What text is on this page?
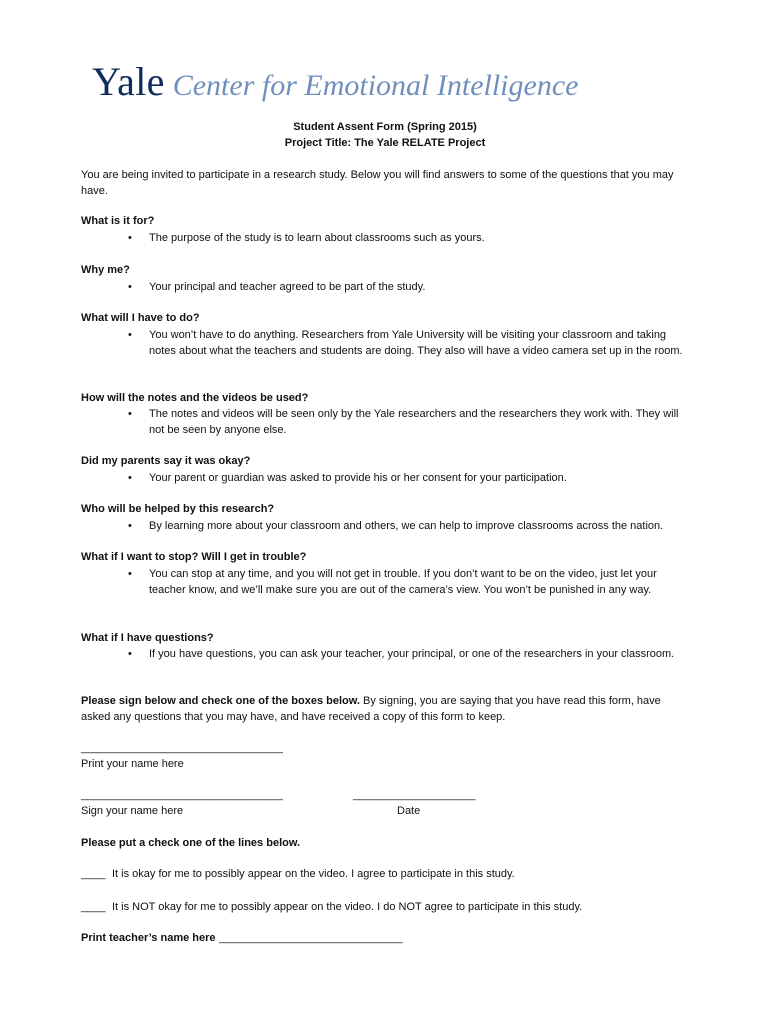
Yale Center for Emotional Intelligence
Student Assent Form (Spring 2015)
Project Title: The Yale RELATE Project
You are being invited to participate in a research study. Below you will find answers to some of the questions that you may have.
What is it for?
• The purpose of the study is to learn about classrooms such as yours.
Why me?
• Your principal and teacher agreed to be part of the study.
What will I have to do?
• You won’t have to do anything. Researchers from Yale University will be visiting your classroom and taking notes about what the teachers and students are doing. They also will have a video camera set up in the room.
How will the notes and the videos be used?
• The notes and videos will be seen only by the Yale researchers and the researchers they work with. They will not be seen by anyone else.
Did my parents say it was okay?
• Your parent or guardian was asked to provide his or her consent for your participation.
Who will be helped by this research?
• By learning more about your classroom and others, we can help to improve classrooms across the nation.
What if I want to stop? Will I get in trouble?
• You can stop at any time, and you will not get in trouble. If you don’t want to be on the video, just let your teacher know, and we’ll make sure you are out of the camera’s view. You won’t be punished in any way.
What if I have questions?
• If you have questions, you can ask your teacher, your principal, or one of the researchers in your classroom.
Please sign below and check one of the boxes below. By signing, you are saying that you have read this form, have asked any questions that you may have, and have received a copy of this form to keep.
_________________________________
Print your name here
_________________________________
Sign your name here
____________________
Date
Please put a check one of the lines below.
____ It is okay for me to possibly appear on the video. I agree to participate in this study.
____ It is NOT okay for me to possibly appear on the video. I do NOT agree to participate in this study.
Print teacher’s name here ______________________________
